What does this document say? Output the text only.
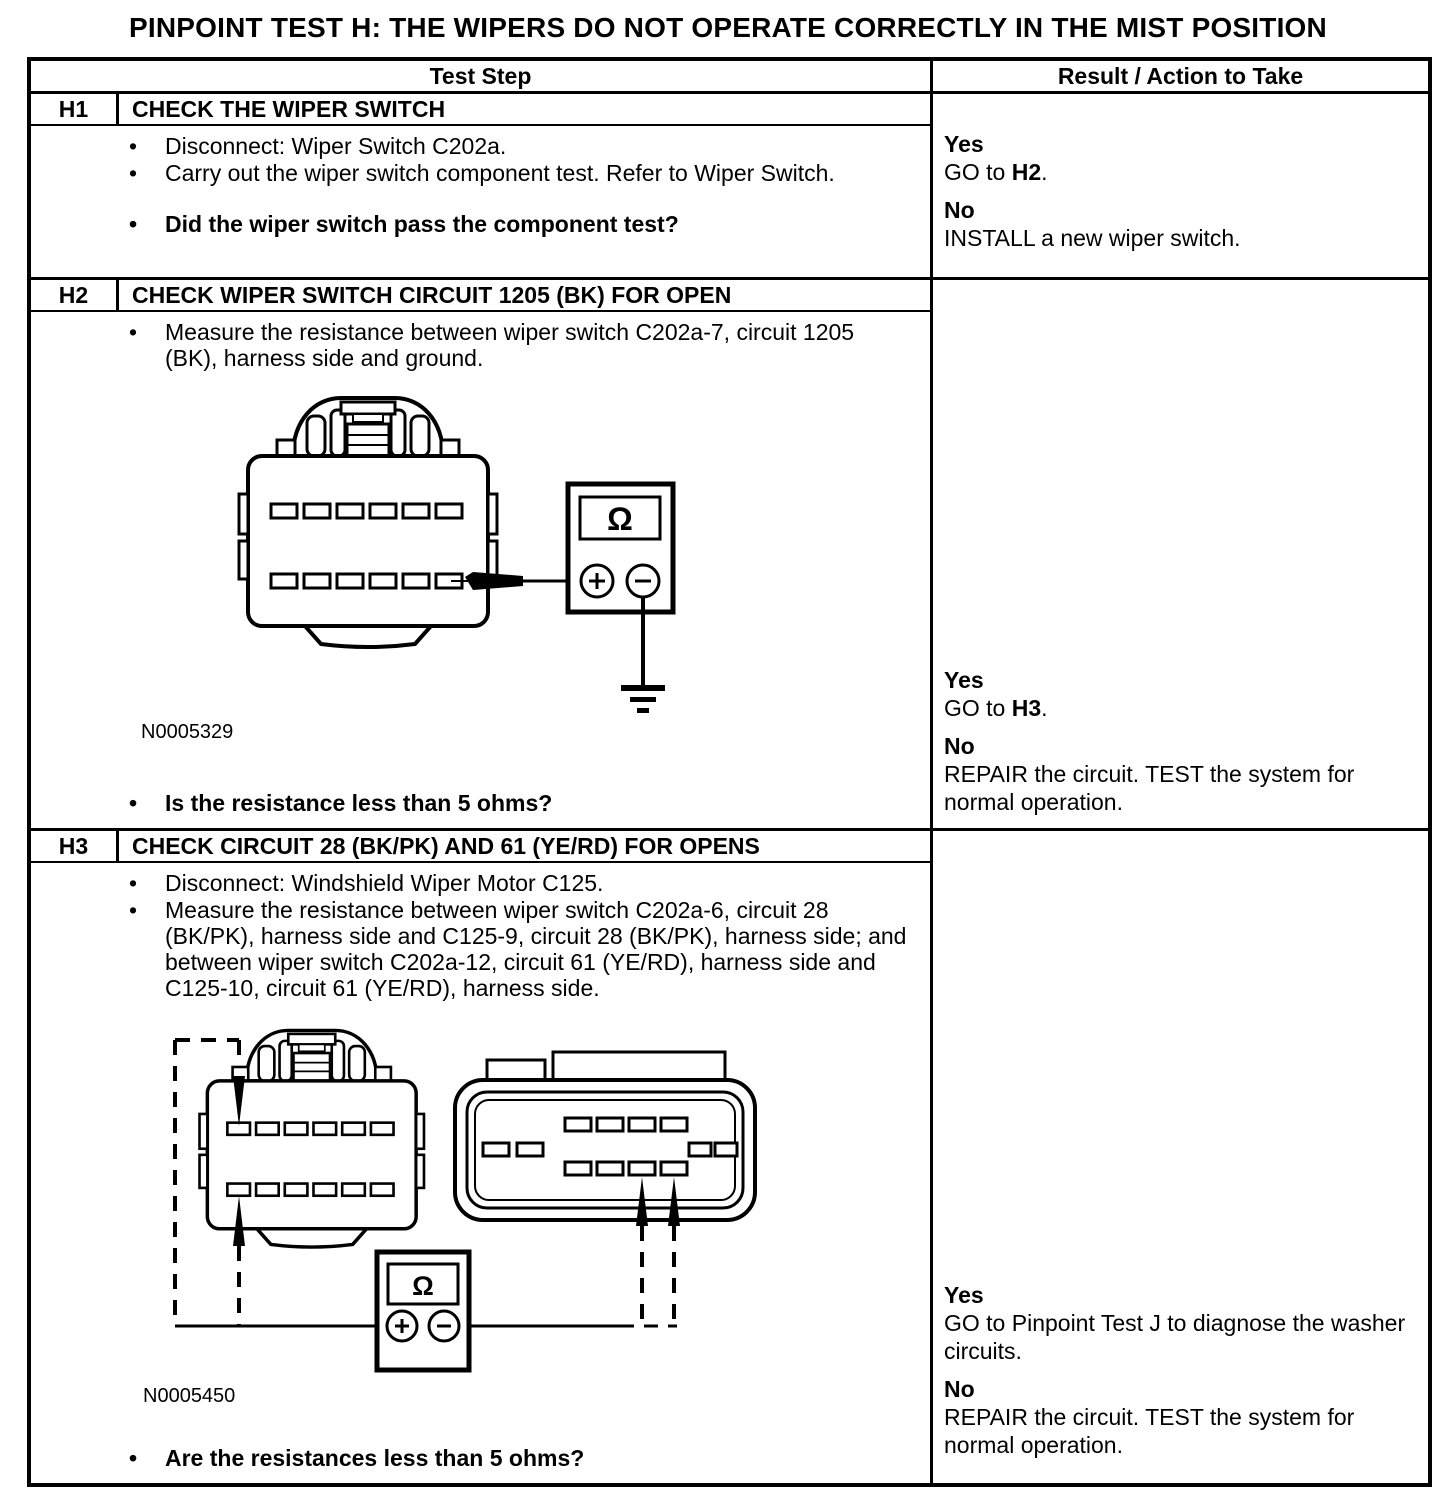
PINPOINT TEST H: THE WIPERS DO NOT OPERATE CORRECTLY IN THE MIST POSITION
Test Step	Result / Action to Take
H1	CHECK THE WIPER SWITCH
• Disconnect: Wiper Switch C202a.
• Carry out the wiper switch component test. Refer to Wiper Switch.
• Did the wiper switch pass the component test?
Yes
GO to H2.
No
INSTALL a new wiper switch.
H2	CHECK WIPER SWITCH CIRCUIT 1205 (BK) FOR OPEN
• Measure the resistance between wiper switch C202a-7, circuit 1205 (BK), harness side and ground.
Ω
N0005329
• Is the resistance less than 5 ohms?
Yes
GO to H3.
No
REPAIR the circuit. TEST the system for normal operation.
H3	CHECK CIRCUIT 28 (BK/PK) AND 61 (YE/RD) FOR OPENS
• Disconnect: Windshield Wiper Motor C125.
• Measure the resistance between wiper switch C202a-6, circuit 28 (BK/PK), harness side and C125-9, circuit 28 (BK/PK), harness side; and between wiper switch C202a-12, circuit 61 (YE/RD), harness side and C125-10, circuit 61 (YE/RD), harness side.
Ω
N0005450
• Are the resistances less than 5 ohms?
Yes
GO to Pinpoint Test J to diagnose the washer circuits.
No
REPAIR the circuit. TEST the system for normal operation.
